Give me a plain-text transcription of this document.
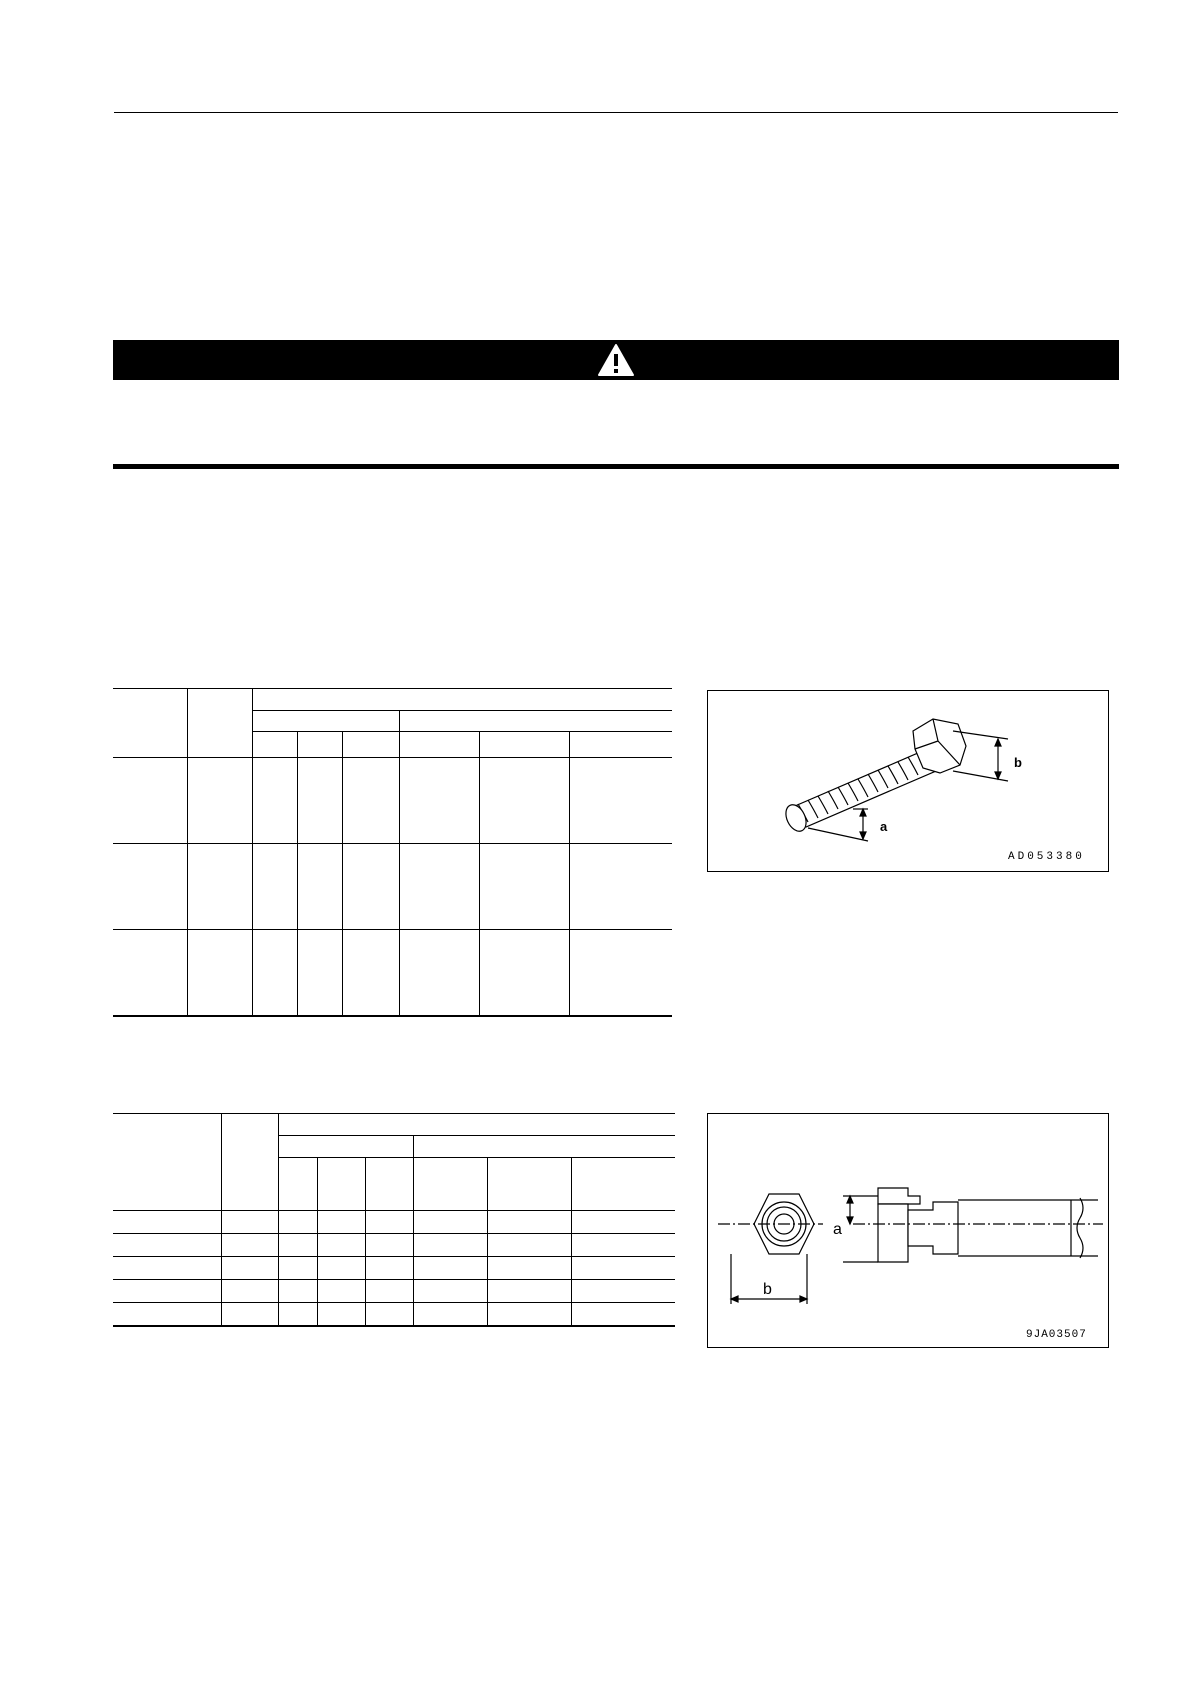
b
a
AD053380

a
b
9JA03507
